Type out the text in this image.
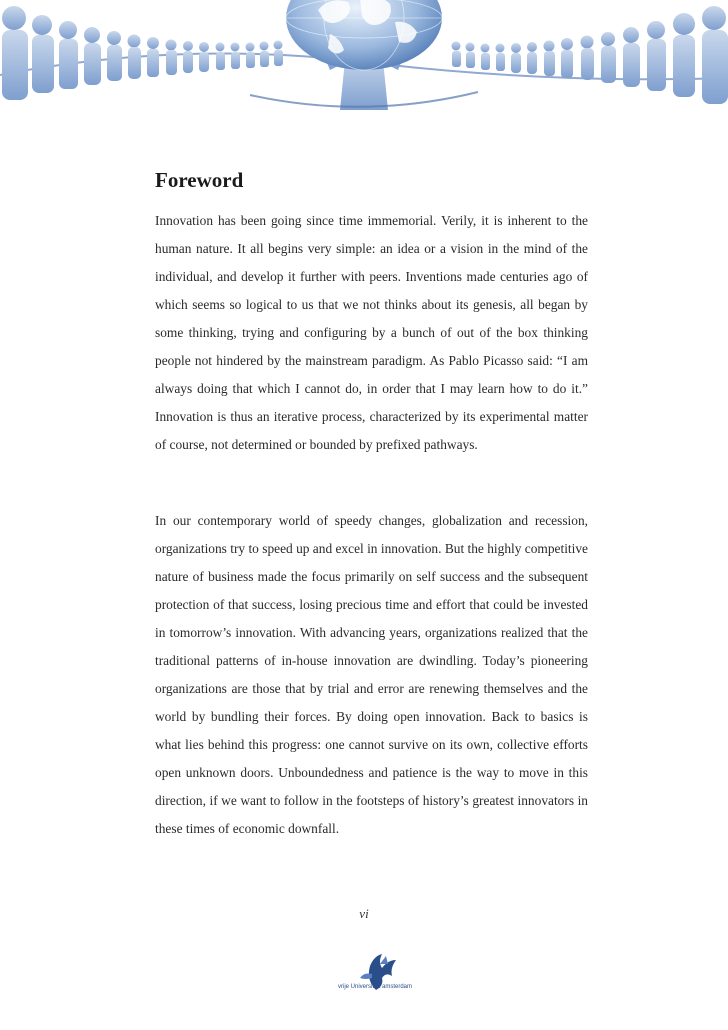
Foreword

Innovation has been going since time immemorial. Verily, it is inherent to the human nature. It all begins very simple: an idea or a vision in the mind of the individual, and develop it further with peers. Inventions made centuries ago of which seems so logical to us that we not thinks about its genesis, all began by some thinking, trying and configuring by a bunch of out of the box thinking people not hindered by the mainstream paradigm. As Pablo Picasso said: “I am always doing that which I cannot do, in order that I may learn how to do it.” Innovation is thus an iterative process, characterized by its experimental matter of course, not determined or bounded by prefixed pathways.

In our contemporary world of speedy changes, globalization and recession, organizations try to speed up and excel in innovation. But the highly competitive nature of business made the focus primarily on self success and the subsequent protection of that success, losing precious time and effort that could be invested in tomorrow’s innovation. With advancing years, organizations realized that the traditional patterns of in-house innovation are dwindling. Today’s pioneering organizations are those that by trial and error are renewing themselves and the world by bundling their forces. By doing open innovation. Back to basics is what lies behind this progress: one cannot survive on its own, collective efforts open unknown doors. Unboundedness and patience is the way to move in this direction, if we want to follow in the footsteps of history’s greatest innovators in these times of economic downfall.

vi
vrije Universiteit amsterdam
